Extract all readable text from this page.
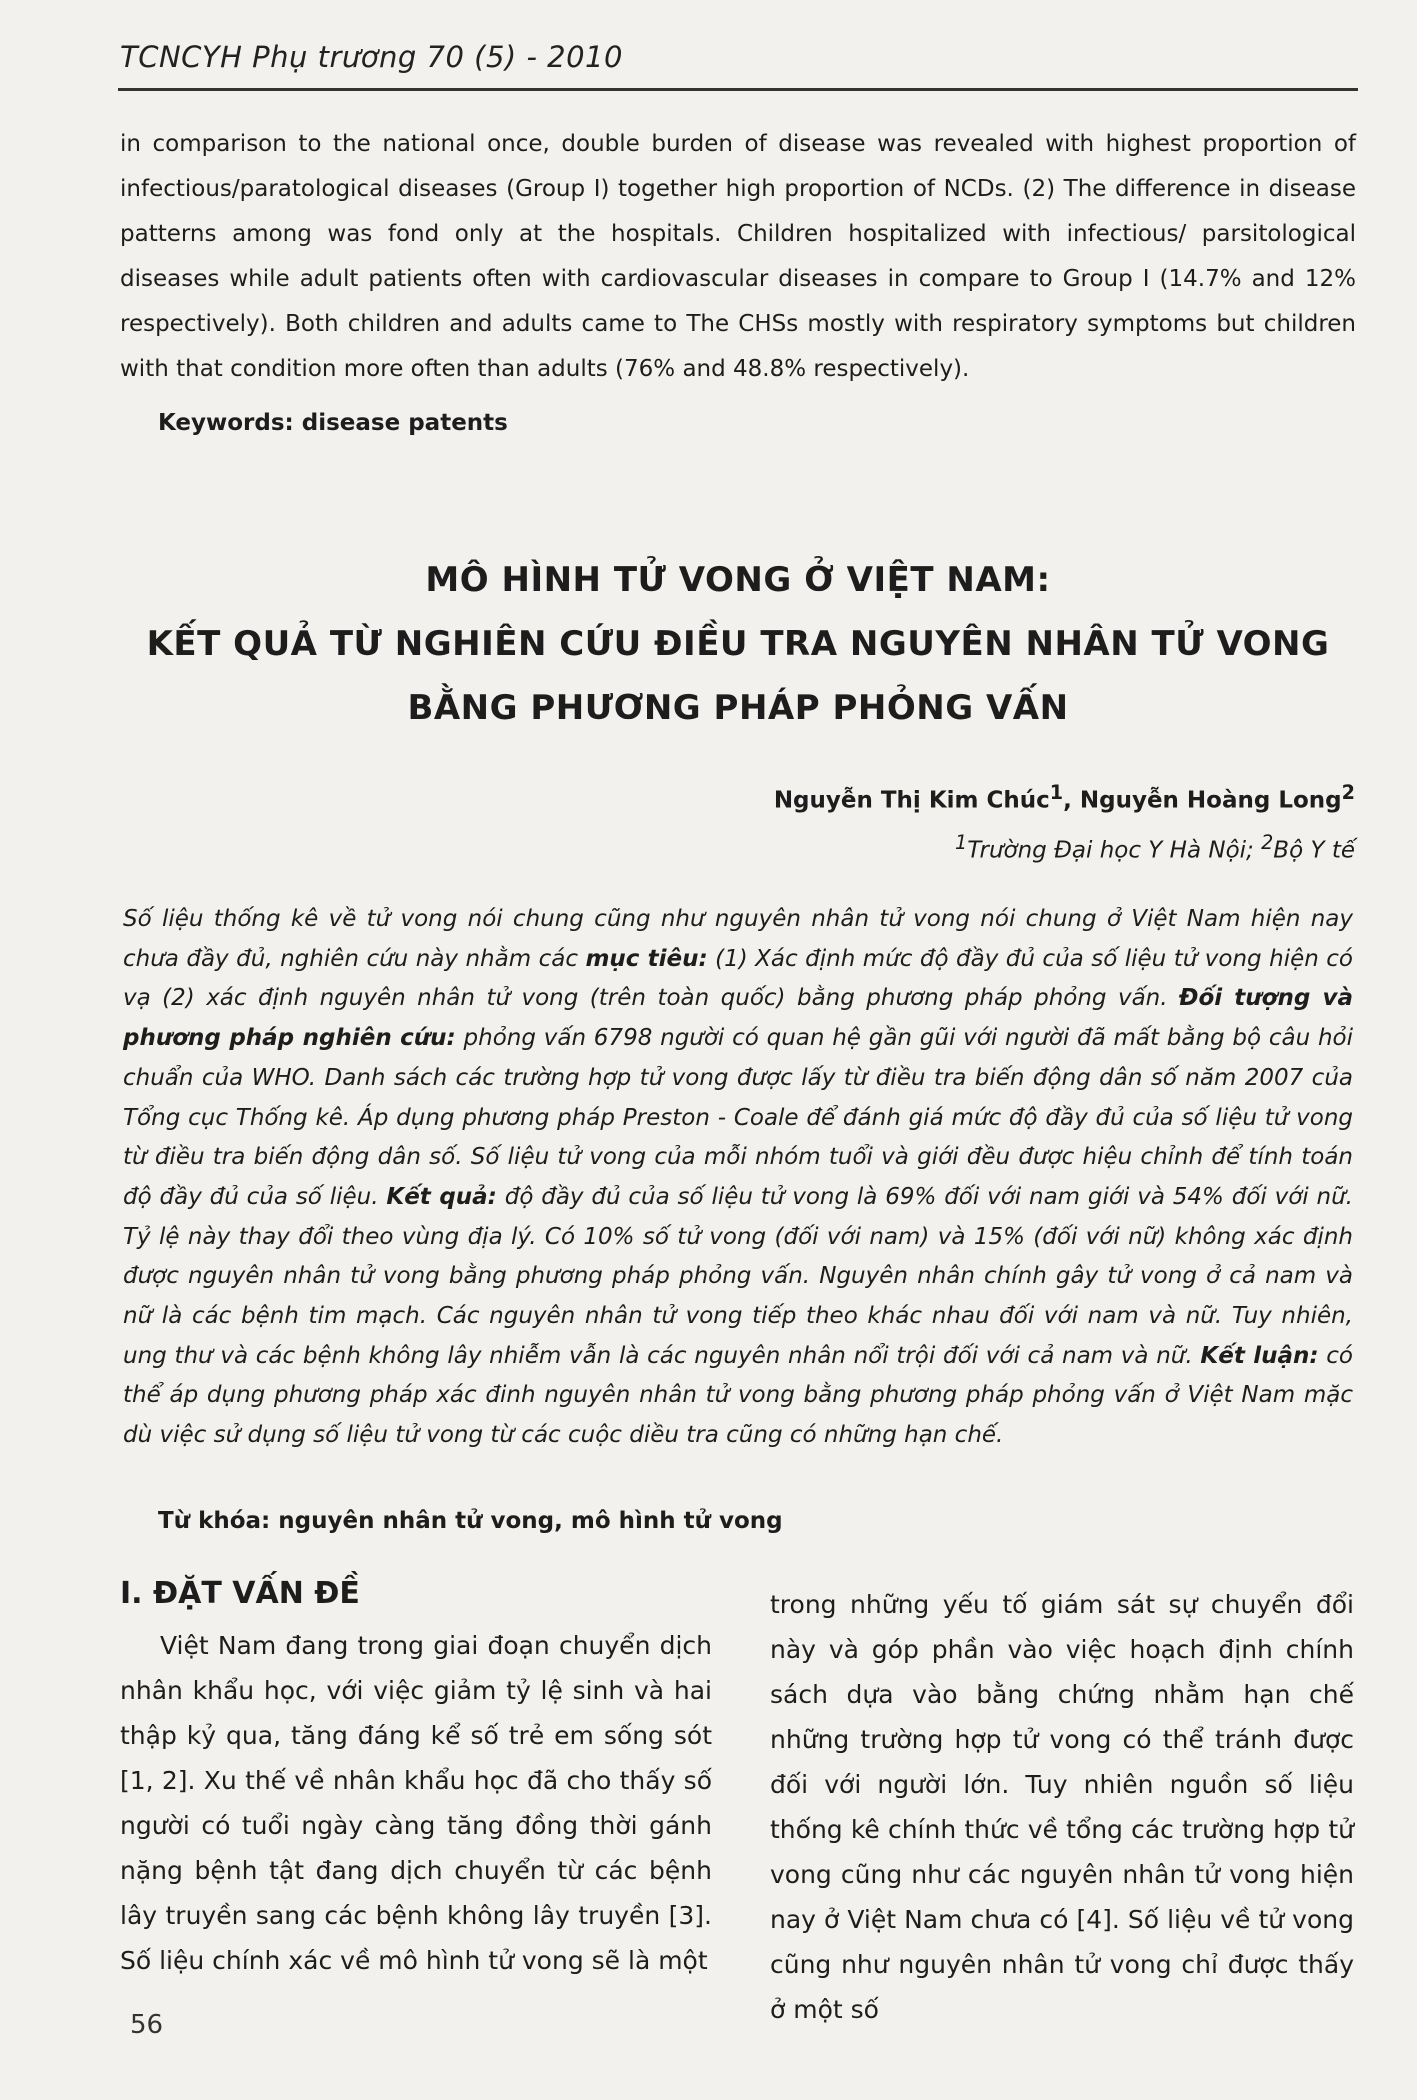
TCNCYH Phụ trương 70 (5) - 2010

in comparison to the national once, double burden of disease was revealed with highest proportion of infectious/paratological diseases (Group I) together high proportion of NCDs. (2) The difference in disease patterns among was fond only at the hospitals. Children hospitalized with infectious/ parsitological diseases while adult patients often with cardiovascular diseases in compare to Group I (14.7% and 12% respectively). Both children and adults came to The CHSs mostly with respiratory symptoms but children with that condition more often than adults (76% and 48.8% respectively).

Keywords: disease patents
MÔ HÌNH TỬ VONG Ở VIỆT NAM:
KẾT QUẢ TỪ NGHIÊN CỨU ĐIỀU TRA NGUYÊN NHÂN TỬ VONG
BẰNG PHƯƠNG PHÁP PHỎNG VẤN
Nguyễn Thị Kim Chúc$^1$, Nguyễn Hoàng Long$^2$
$^1$Trường Đại học Y Hà Nội; $^2$Bộ Y tế

Số liệu thống kê về tử vong nói chung cũng như nguyên nhân tử vong nói chung ở Việt Nam hiện nay chưa đầy đủ, nghiên cứu này nhằm các mục tiêu: (1) Xác định mức độ đầy đủ của số liệu tử vong hiện có vạ (2) xác định nguyên nhân tử vong (trên toàn quốc) bằng phương pháp phỏng vấn. Đối tượng và phương pháp nghiên cứu: phỏng vấn 6798 người có quan hệ gần gũi với người đã mất bằng bộ câu hỏi chuẩn của WHO. Danh sách các trường hợp tử vong được lấy từ điều tra biến động dân số năm 2007 của Tổng cục Thống kê. Áp dụng phương pháp Preston - Coale để đánh giá mức độ đầy đủ của số liệu tử vong từ điều tra biến động dân số. Số liệu tử vong của mỗi nhóm tuổi và giới đều được hiệu chỉnh để tính toán độ đầy đủ của số liệu. Kết quả: độ đầy đủ của số liệu tử vong là 69% đối với nam giới và 54% đối với nữ. Tỷ lệ này thay đổi theo vùng địa lý. Có 10% số tử vong (đối với nam) và 15% (đối với nữ) không xác định được nguyên nhân tử vong bằng phương pháp phỏng vấn. Nguyên nhân chính gây tử vong ở cả nam và nữ là các bệnh tim mạch. Các nguyên nhân tử vong tiếp theo khác nhau đối với nam và nữ. Tuy nhiên, ung thư và các bệnh không lây nhiễm vẫn là các nguyên nhân nổi trội đối với cả nam và nữ. Kết luận: có thể áp dụng phương pháp xác đinh nguyên nhân tử vong bằng phương pháp phỏng vấn ở Việt Nam mặc dù việc sử dụng số liệu tử vong từ các cuộc diều tra cũng có những hạn chế.

Từ khóa: nguyên nhân tử vong, mô hình tử vong
I. ĐẶT VẤN ĐỀ

Việt Nam đang trong giai đoạn chuyển dịch nhân khẩu học, với việc giảm tỷ lệ sinh và hai thập kỷ qua, tăng đáng kể số trẻ em sống sót [1, 2]. Xu thế về nhân khẩu học đã cho thấy số người có tuổi ngày càng tăng đồng thời gánh nặng bệnh tật đang dịch chuyển từ các bệnh lây truyền sang các bệnh không lây truyền [3]. Số liệu chính xác về mô hình tử vong sẽ là một

trong những yếu tố giám sát sự chuyển đổi này và góp phần vào việc hoạch định chính sách dựa vào bằng chứng nhằm hạn chế những trường hợp tử vong có thể tránh được đối với người lớn. Tuy nhiên nguồn số liệu thống kê chính thức về tổng các trường hợp tử vong cũng như các nguyên nhân tử vong hiện nay ở Việt Nam chưa có [4]. Số liệu về tử vong cũng như nguyên nhân tử vong chỉ được thấy ở một số

56
